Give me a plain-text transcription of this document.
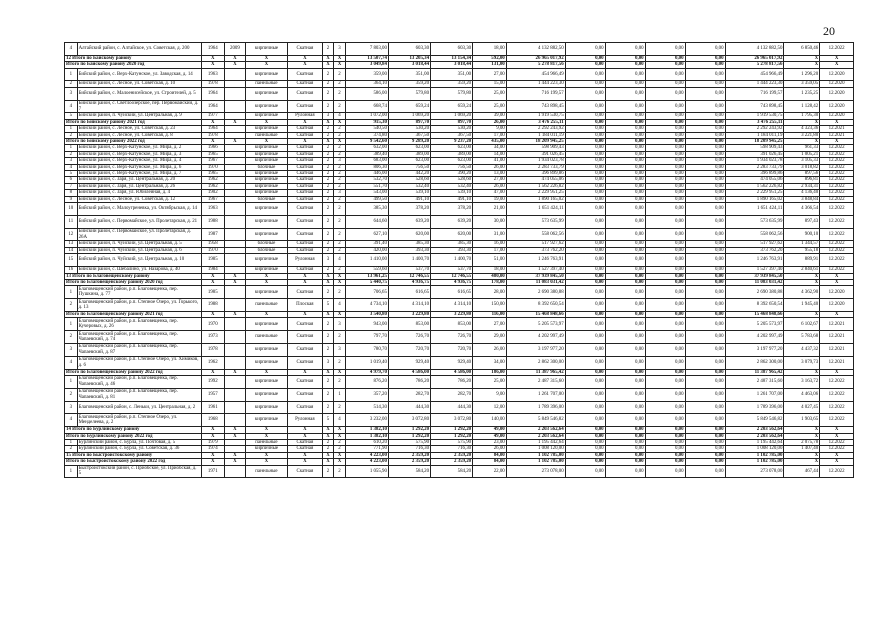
20
4	Алтайский район, с. Алтайское, ул. Советская, д. 200	1964	2009	кирпичные	Скатная	2	3	7 803,00	603,30	603,30	18,00	4 132 882,50	0,00	0,00	0,00	0,00	4 132 882,50	6 850,46	12.2022
12 Итого по Байскому району		X	X	X	X	X	X	13 507,74	13 205,34	13 154,34	592,00	26 965 017,92	0,00	0,00	0,00	0,00	26 965 017,92	X	X
Итого по Байскому району 2020 год		X	X	X	X	X	X	3 049,84	3 018,44	3 018,44	131,00	5 278 817,56	0,00	0,00	0,00	0,00	5 278 817,56	X	X
1	Бийский район, с. Верх-Катунское, ул. Заводская, д. 14	1963		кирпичные	Скатная	2	2	359,00	351,00	351,00	27,00	454 966,49	0,00	0,00	0,00	0,00	454 966,49	1 296,20	12.2020
2	Бийский район, с. Лесное, ул. Советская, д. 10	1978		панельные	Скатная	2	2	364,10	359,20	359,20	15,00	1 444 223,30	0,00	0,00	0,00	0,00	1 444 223,30	3 359,05	12.2020
3	Бийский район, с. Малоенисейское, ул. Строителей, д. 5	1964		кирпичные	Скатная	2	2	586,00	579,80	579,80	25,00	716 199,57	0,00	0,00	0,00	0,00	716 199,57	1 235,25	12.2020
4	Бийский район, с. Светлоозерское, пер. Первомайский, д. 7	1964		кирпичные	Скатная	2	2	668,74	659,24	659,24	25,00	743 898,45	0,00	0,00	0,00	0,00	743 898,45	1 128,42	12.2020
5	Бийский район, п. Чуйский, ул. Центральная, д. 9	1977		кирпичные	Рулонная	3	4	1 072,00	1 069,20	1 069,20	39,00	1 919 530,75	0,00	0,00	0,00	0,00	1 919 530,75	1 795,30	12.2020
Итого по Бийскому району 2021 год		X	X	X	X	X	X	915,30	897,70	897,70	26,00	3 476 255,11	0,00	0,00	0,00	0,00	3 476 255,11	X	X
1	Бийский район, с. Лесное, ул. Советская, д. 23	1964		кирпичные	Скатная	2	2	540,50	530,20	530,20	9,00	2 292 243,92	0,00	0,00	0,00	0,00	2 292 243,92	4 323,36	12.2021
2	Бийский район, с. Лесное, ул. Советская, д. 8	1978		панельные	Скатная	2	2	374,80	367,50	367,50	17,00	1 184 011,19	0,00	0,00	0,00	0,00	1 184 011,19	3 221,80	12.2021
Итого по Бийскому району 2022 год		X	X	X	X	X	X	9 542,60	9 289,20	9 237,20	435,00	18 209 945,25	0,00	0,00	0,00	0,00	18 209 945,25	X	X
1	Бийский район, с. Верх-Катунское, ул. Мира, д. 2	1966		кирпичные	Скатная	2	2	632,00	623,00	623,00	34,00	598 909,43	0,00	0,00	0,00	0,00	598 909,43	961,33	12.2022
2	Бийский район, с. Верх-Катунское, ул. Мира, д. 3	1965		кирпичные	Скатная	2	2	389,40	389,00	389,00	14,00	391 026,45	0,00	0,00	0,00	0,00	391 026,45	1 005,21	12.2022
3	Бийский район, с. Верх-Катунское, ул. Мира, д. 4	1967		кирпичные	Скатная	2	3	683,00	623,00	623,00	41,00	1 934 023,78	0,00	0,00	0,00	0,00	1 934 023,78	3 105,33	12.2022
4	Бийский район, с. Верх-Катунское, ул. Мира, д. 6	1970		блочные	Скатная	2	2	806,30	756,50	756,50	26,00	2 283 733,79	0,00	0,00	0,00	0,00	2 283 733,79	3 018,82	12.2022
5	Бийский район, с. Верх-Катунское, ул. Мира, д. 7	1965		кирпичные	Скатная	2	2	446,00	442,20	390,20	13,00	396 899,86	0,00	0,00	0,00	0,00	396 899,86	897,56	12.2022
6	Бийский район, с. Заря, ул. Центральная, д. 20	1962		кирпичные	Скатная	2	2	532,70	528,60	528,60	27,00	474 055,06	0,00	0,00	0,00	0,00	474 055,06	896,81	12.2022
7	Бийский район, с. Заря, ул. Центральная, д. 26	1962		кирпичные	Скатная	2	2	551,70	532,40	532,40	26,00	1 562 226,82	0,00	0,00	0,00	0,00	1 562 226,82	2 934,31	12.2022
8	Бийский район, с. Заря, ул. Юбилейная, д. 4	1902		кирпичные	Скатная	2	3	543,00	539,10	539,10	47,00	2 229 951,25	0,00	0,00	0,00	0,00	2 229 951,25	4 136,40	12.2022
9	Бийский район, с. Лесное, ул. Советская, д. 12	1967		блочные	Скатная	2	2	499,50	491,10	491,10	19,00	1 890 165,02	0,00	0,00	0,00	0,00	1 890 165,02	3 848,84	12.2022
10	Бийский район, с. Малоугреневка, ул. Октябрьская, д. 14	1963		кирпичные	Скатная	2	2	385,30	378,20	378,20	21,00	1 651 424,11	0,00	0,00	0,00	0,00	1 651 424,11	4 366,54	12.2022
11	Бийский район, с. Первомайское, ул. Пролетарская, д. 21	1988		кирпичные	Скатная	2	2	644,60	639,20	639,20	30,00	573 635,99	0,00	0,00	0,00	0,00	573 635,99	897,43	12.2022
12	Бийский район, с. Первомайское, ул. Пролетарская, д. 26А	1987		кирпичные	Скатная	2	2	627,10	620,00	620,00	31,00	558 062,56	0,00	0,00	0,00	0,00	558 062,56	900,10	12.2022
13	Бийский район, п. Чуйский, ул. Центральная, д. 5	1958		блочные	Скатная	2	2	391,40	385,30	385,30	16,00	517 927,62	0,00	0,00	0,00	0,00	517 927,62	1 344,57	12.2022
14	Бийский район, п. Чуйский, ул. Центральная, д. 6	1970		блочные	Скатная	2	2	420,00	393,30	393,30	17,00	373 762,20	0,00	0,00	0,00	0,00	373 762,20	955,18	12.2022
15	Бийский район, п. Чуйский, ул. Центральная, д. 10	1985		кирпичные	Рулонная	3	4	1 410,00	1 400,70	1 400,70	51,00	1 246 763,91	0,00	0,00	0,00	0,00	1 246 763,91	889,91	12.2022
16	Бийский район, с. Шебалино, ул. Назарова, д. 40	1984		кирпичные	Скатная	2	2	559,60	537,70	537,70	18,00	1 527 397,40	0,00	0,00	0,00	0,00	1 527 397,40	2 840,61	12.2022
13 Итого по Благовещенскому району		X	X	X	X	X	X	13 961,25	12 746,55	12 746,55	480,00	37 939 845,50	0,00	0,00	0,00	0,00	37 939 845,50	X	X
Итого по Благовещенскому району 2020 год		X	X	X	X	X	X	5 440,75	4 936,75	4 936,75	178,00	11 083 031,42	0,00	0,00	0,00	0,00	11 083 031,42	X	X
1	Благовещенский район, р.п. Благовещенка, пер. Пушкина, д. 77	1985		кирпичные	Скатная	2	2	706,65	616,65	616,65	28,00	2 690 380,88	0,00	0,00	0,00	0,00	2 690 380,88	4 362,90	12.2020
2	Благовещенский район, р.п. Степное Озеро, ул. Горького, д. 13	1988		панельные	Плоская	5	4	4 734,10	4 314,10	4 314,10	150,00	8 392 650,54	0,00	0,00	0,00	0,00	8 392 650,54	1 945,40	12.2020
Итого по Благовещенскому району 2021 год		X	X	X	X	X	X	3 540,80	3 229,80	3 229,80	116,00	15 468 848,66	0,00	0,00	0,00	0,00	15 468 848,66	X	X
1	Благовещенский район, р.п. Благовещенка, пер. Кучеровых, д. 26	1970		кирпичные	Скатная	2	3	943,00	853,00	853,00	27,00	5 205 573,97	0,00	0,00	0,00	0,00	5 205 573,97	6 102,67	12.2021
2	Благовещенский район, р.п. Благовещенка, пер. Чапаевский, д. 74	1973		панельные	Скатная	2	2	797,70	726,70	726,70	29,00	4 202 997,49	0,00	0,00	0,00	0,00	4 202 997,49	5 783,68	12.2021
3	Благовещенский район, р.п. Благовещенка, пер. Чапаевский, д. 87	1978		кирпичные	Скатная	2	3	780,70	720,70	720,70	26,00	3 197 977,20	0,00	0,00	0,00	0,00	3 197 977,20	4 437,32	12.2021
4	Благовещенский район, р.п. Степное Озеро, ул. Химиков, д. 6	1962		кирпичные	Скатная	3	2	1 019,40	929,40	929,40	34,00	2 862 300,00	0,00	0,00	0,00	0,00	2 862 300,00	3 079,73	12.2021
Итого по Благовещенскому району 2022 год		X	X	X	X	X	X	4 979,70	4 586,00	4 586,00	186,00	11 387 965,42	0,00	0,00	0,00	0,00	11 387 965,42	X	X
1	Благовещенский район, р.п. Благовещенка, пер. Чапаевский, д. 46	1992		кирпичные	Скатная	2	2	876,20	786,20	786,20	25,00	2 487 315,60	0,00	0,00	0,00	0,00	2 487 315,60	3 163,72	12.2022
2	Благовещенский район, р.п. Благовещенка, пер. Чапаевский, д. 81	1957		кирпичные	Скатная	2	1	357,20	282,70	282,70	9,00	1 261 707,00	0,00	0,00	0,00	0,00	1 261 707,00	4 463,06	12.2022
3	Благовещенский район, с. Леньки, ул. Центральная, д. 2	1961		кирпичные	Скатная	2	2	514,30	444,30	444,30	12,00	1 789 396,00	0,00	0,00	0,00	0,00	1 789 396,00	4 027,45	12.2022
4	Благовещенский район, р.п. Степное Озеро, ул. Менделеева, д. 2	1968		кирпичные	Рулонная	5	4	3 232,00	3 072,80	3 072,80	140,00	5 849 546,82	0,00	0,00	0,00	0,00	5 849 546,82	1 903,65	12.2022
14 Итого по Бурлинскому району		X	X	X	X	X	X	1 382,10	1 292,20	1 292,20	49,00	2 203 562,64	0,00	0,00	0,00	0,00	2 203 562,64	X	X
Итого по Бурлинскому району 2022 год		X	X	X	X	X	X	1 382,10	1 292,20	1 292,20	49,00	2 203 562,64	0,00	0,00	0,00	0,00	2 203 562,64	X	X
1	Бурлинский район, с. Бурла, ул. Почтовая, д. 5	1979		панельные	Скатная	2	2	610,20	575,90	575,90	23,00	1 195 442,64	0,00	0,00	0,00	0,00	1 195 442,64	2 075,78	12.2022
2	Бурлинский район, с. Бурла, ул. Советская, д. 36	1974		кирпичные	Скатная	2	2	771,90	716,30	716,30	26,00	1 008 120,00	0,00	0,00	0,00	0,00	1 008 120,00	1 407,40	12.2022
15 Итого по Быстроистокскому району		X	X	X	X	X	X	4 223,00	2 359,20	2 359,20	84,00	1 102 785,00	0,00	0,00	0,00	0,00	1 102 785,00	X	X
Итого по Быстроистокскому району 2022 год		X	X	X	X	X	X	4 223,00	2 359,20	2 359,20	84,00	1 102 785,00	0,00	0,00	0,00	0,00	1 102 785,00	X	X
1	Быстроистокский район, с. Приобское, ул. Приобская, д. 5	1971		панельные	Скатная	2	2	1 055,90	584,20	584,20	22,00	273 078,00	0,00	0,00	0,00	0,00	273 078,00	467,44	12.2022
